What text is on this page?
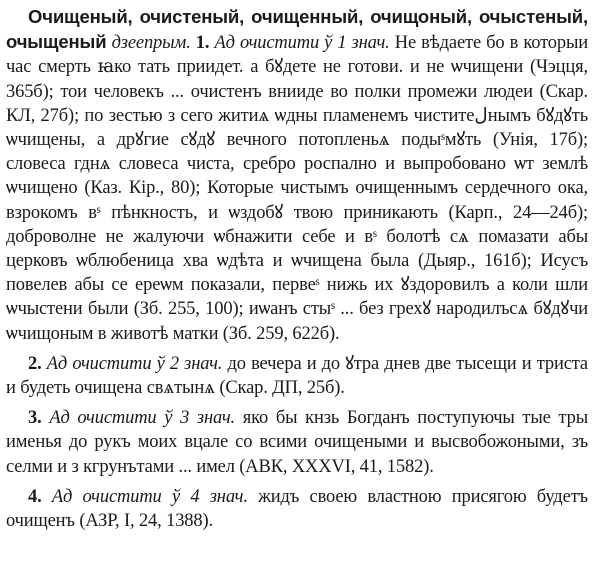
Очищеный, очистеный, очищенный, очищоный, очыстеный, очыщеный дзеeпрым. 1. Ад очистити ў 1 знач. Не вѣдаете бо в которыи час смерть ꙗко тать приидет. а бꙋдете не готови. и не ѡчищени (Чэцця, 365б); тои человекъ ... очистенъ внииде во полки промежи людеи (Скар. КЛ, 27б); по зестью з сего житиѧ ѡдны пламенемъ чиститеلнымъ бꙋдꙋть ѡчищены, а дрꙋгие сꙋдꙋ вечного потопленьѧ подыˢмꙋть (Унія, 17б); словеса гднѧ словеса чиста, сребро роспално и выпробовано ѡт землѣ ѡчищено (Каз. Кір., 80); Которые чистымъ очищеннымъ сердечного ока, взрокомъ вˢ пѣнкность, и ѡздобꙋ твою приникають (Карп., 24—24б); доброволне не жалуючи ѡбнажити себе и вˢ болотѣ сѧ помазати абы церковъ ѡблюбеница хва ѡдѣта и ѡчищена была (Дыяр., 161б); Исусъ повелев абы се ереѡм показали, первеˢ нижь их ꙋздоровилъ а коли шли ѡчыстени были (Зб. 255, 100); иѡанъ стыˢ ... без грехꙋ народилъсѧ бꙋдꙋчи ѡчищоным в животѣ матки (Зб. 259, 622б).

2. Ад очистити ў 2 знач. до вечера и до ꙋтра днев две тысещи и триста и будеть очищена свѧтынѧ (Скар. ДП, 25б).

3. Ад очистити ў 3 знач. яко бы кнзь Богданъ поступуючы тые тры именья до рукъ моих вцале со всими очищеными и высвобожоными, зъ селми и з кгрунътами ... имел (АВК, XXXVI, 41, 1582).

4. Ад очистити ў 4 знач. жидъ своею властною присягою будетъ очищенъ (АЗР, I, 24, 1388).
